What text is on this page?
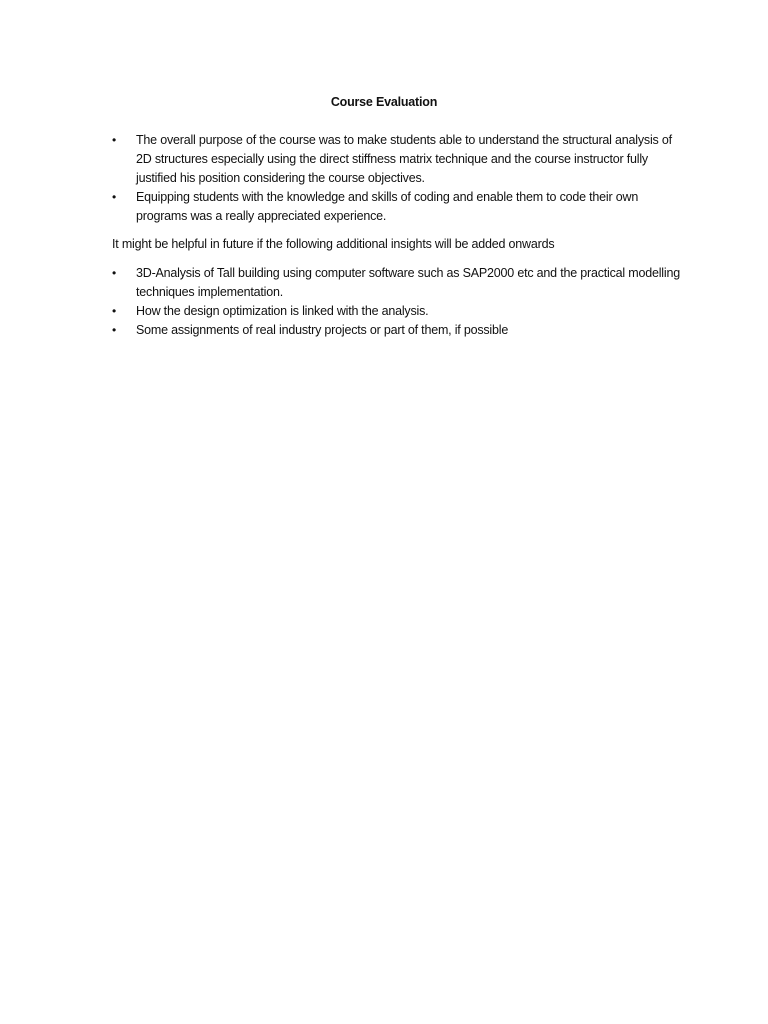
Course Evaluation
• The overall purpose of the course was to make students able to understand the structural analysis of 2D structures especially using the direct stiffness matrix technique and the course instructor fully justified his position considering the course objectives.
• Equipping students with the knowledge and skills of coding and enable them to code their own programs was a really appreciated experience.
It might be helpful in future if the following additional insights will be added onwards
• 3D-Analysis of Tall building using computer software such as SAP2000 etc and the practical modelling techniques implementation.
• How the design optimization is linked with the analysis.
• Some assignments of real industry projects or part of them, if possible
